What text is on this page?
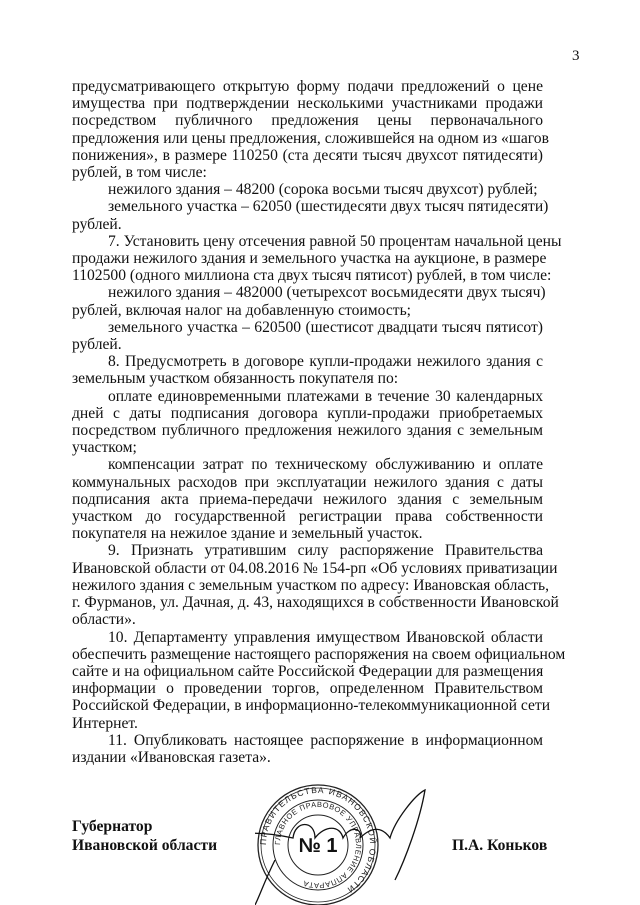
3
предусматривающего открытую форму подачи предложений о цене
имущества при подтверждении несколькими участниками продажи
посредством публичного предложения цены первоначального
предложения или цены предложения, сложившейся на одном из «шагов
понижения», в размере 110250 (ста десяти тысяч двухсот пятидесяти)
рублей, в том числе:
нежилого здания – 48200 (сорока восьми тысяч двухсот) рублей;
земельного участка – 62050 (шестидесяти двух тысяч пятидесяти)
рублей.
7. Установить цену отсечения равной 50 процентам начальной цены
продажи нежилого здания и земельного участка на аукционе, в размере
1102500 (одного миллиона ста двух тысяч пятисот) рублей, в том числе:
нежилого здания – 482000 (четырехсот восьмидесяти двух тысяч)
рублей, включая налог на добавленную стоимость;
земельного участка – 620500 (шестисот двадцати тысяч пятисот)
рублей.
8. Предусмотреть в договоре купли-продажи нежилого здания с
земельным участком обязанность покупателя по:
оплате единовременными платежами в течение 30 календарных
дней с даты подписания договора купли-продажи приобретаемых
посредством публичного предложения нежилого здания с земельным
участком;
компенсации затрат по техническому обслуживанию и оплате
коммунальных расходов при эксплуатации нежилого здания с даты
подписания акта приема-передачи нежилого здания с земельным
участком до государственной регистрации права собственности
покупателя на нежилое здание и земельный участок.
9. Признать утратившим силу распоряжение Правительства
Ивановской области от 04.08.2016 № 154-рп «Об условиях приватизации
нежилого здания с земельным участком по адресу: Ивановская область,
г. Фурманов, ул. Дачная, д. 43, находящихся в собственности Ивановской
области».
10. Департаменту управления имуществом Ивановской области
обеспечить размещение настоящего распоряжения на своем официальном
сайте и на официальном сайте Российской Федерации для размещения
информации о проведении торгов, определенном Правительством
Российской Федерации, в информационно-телекоммуникационной сети
Интернет.
11. Опубликовать настоящее распоряжение в информационном
издании «Ивановская газета».
Губернатор
Ивановской области	П.А. Коньков
ПРАВИТЕЛЬСТВА ИВАНОВСКОЙ ОБЛАСТИ
ГЛАВНОЕ ПРАВОВОЕ УПРАВЛЕНИЕ АППАРАТА
№ 1
